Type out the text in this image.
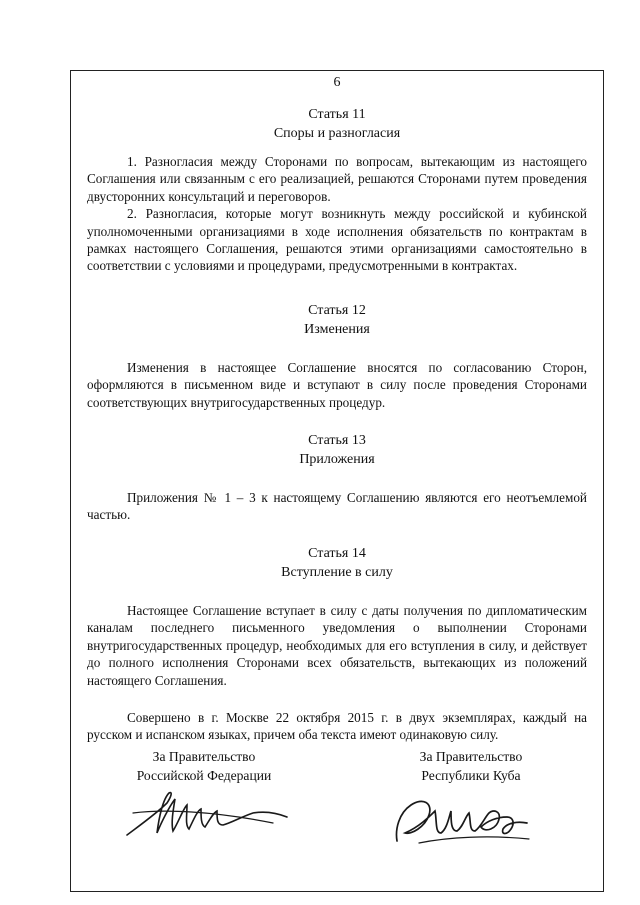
6
Статья 11
Споры и разногласия

1. Разногласия между Сторонами по вопросам, вытекающим из настоящего Соглашения или связанным с его реализацией, решаются Сторонами путем проведения двусторонних консультаций и переговоров.

2. Разногласия, которые могут возникнуть между российской и кубинской уполномоченными организациями в ходе исполнения обязательств по контрактам в рамках настоящего Соглашения, решаются этими организациями самостоятельно в соответствии с условиями и процедурами, предусмотренными в контрактах.

Статья 12
Изменения

Изменения в настоящее Соглашение вносятся по согласованию Сторон, оформляются в письменном виде и вступают в силу после проведения Сторонами соответствующих внутригосударственных процедур.

Статья 13
Приложения

Приложения № 1 – 3 к настоящему Соглашению являются его неотъемлемой частью.

Статья 14
Вступление в силу

Настоящее Соглашение вступает в силу с даты получения по дипломатическим каналам последнего письменного уведомления о выполнении Сторонами внутригосударственных процедур, необходимых для его вступления в силу, и действует до полного исполнения Сторонами всех обязательств, вытекающих из положений настоящего Соглашения.

Совершено в г. Москве 22 октября 2015 г. в двух экземплярах, каждый на русском и испанском языках, причем оба текста имеют одинаковую силу.

За Правительство
Российской Федерации
За Правительство
Республики Куба
